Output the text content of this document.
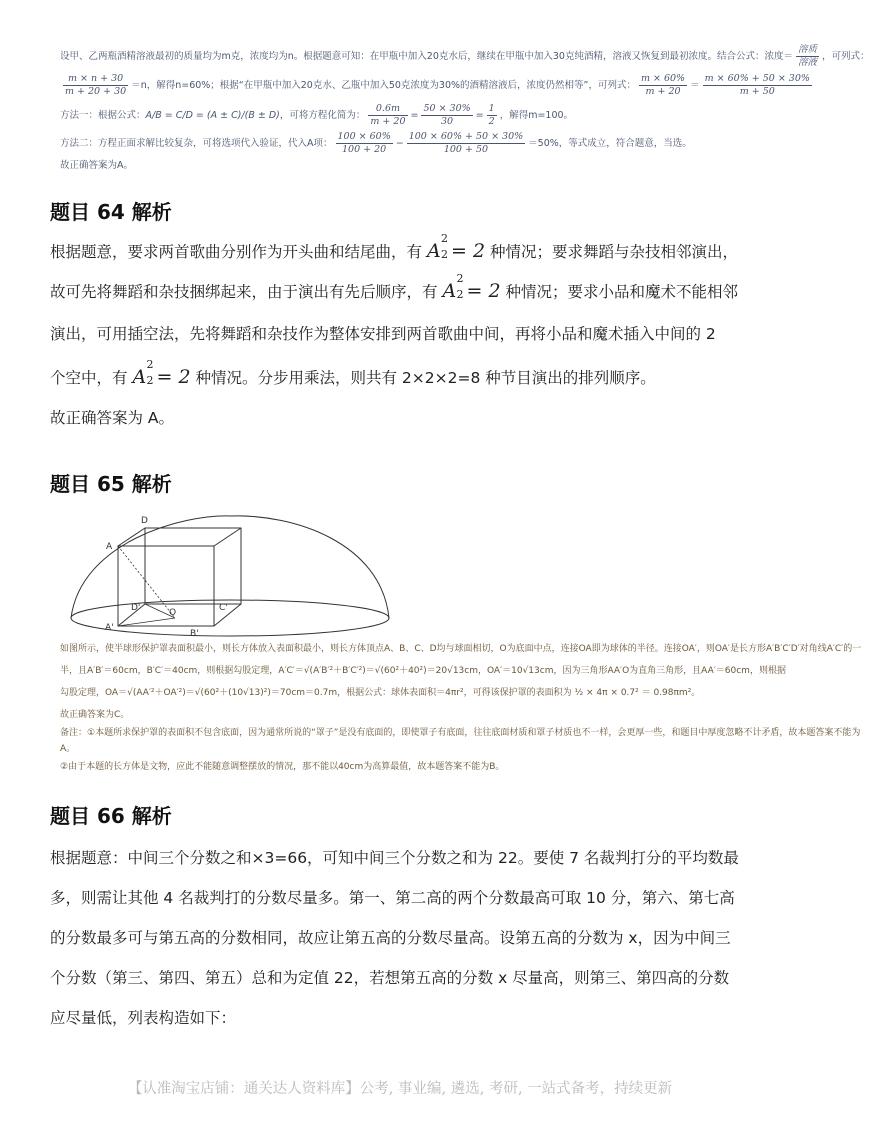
设甲、乙两瓶酒精溶液最初的质量均为m克，浓度均为n。根据题意可知：在甲瓶中加入20克水后，继续在甲瓶中加入30克纯酒精，溶液又恢复到最初浓度。结合公式：浓度＝ $\frac{\text{溶质}}{\text{溶液}}$ ，可列式：
$\frac{m \times n + 30}{m + 20 + 30} =n$，解得n=60%；根据“在甲瓶中加入20克水、乙瓶中加入50克浓度为30%的酒精溶液后，浓度仍然相等”，可列式： $\frac{m \times 60\%}{m + 20} = \frac{m \times 60\% + 50 \times 30\%}{m + 50}$
方法一：根据公式：A/B = C/D = (A ± C)/(B ± D)，可将方程化简为： $\frac{0.6m}{m + 20} = \frac{50 \times 30\%}{30} = \frac{1}{2}$ ，解得m=100。
方法二：方程正面求解比较复杂，可将选项代入验证，代入A项： $\frac{100 \times 60\%}{100 + 20} - \frac{100 \times 60\% + 50 \times 30\%}{100 + 50} =50\%$，等式成立，符合题意，当选。
故正确答案为A。
题目 64 解析
根据题意，要求两首歌曲分别作为开头曲和结尾曲，有 A
2
2 = 2 种情况；要求舞蹈与杂技相邻演出，
故可先将舞蹈和杂技捆绑起来，由于演出有先后顺序，有 A
2
2 = 2 种情况；要求小品和魔术不能相邻
演出，可用插空法，先将舞蹈和杂技作为整体安排到两首歌曲中间，再将小品和魔术插入中间的 2
个空中，有 A
2
2 = 2 种情况。分步用乘法，则共有 2×2×2=8 种节目演出的排列顺序。
故正确答案为 A。
题目 65 解析
D
A
D'
A'
O
B'
C'
如图所示，使半球形保护罩表面积最小，则长方体放入表面积最小，则长方体顶点A、B、C、D均与球面相切，O为底面中点，连接OA即为球体的半径。连接OA′，则OA′是长方形A′B′C′D′对角线A′C′的一
半，且A′B′＝60cm，B′C′＝40cm，则根据勾股定理，A′C′＝√(A′B′²＋B′C′²)＝√(60²＋40²)＝20√13cm，OA′＝10√13cm，因为三角形AA′O为直角三角形，且AA′＝60cm，则根据
勾股定理，OA＝√(AA′²＋OA′²)＝√(60²＋(10√13)²)＝70cm＝0.7m，根据公式：球体表面积＝4πr²，可得该保护罩的表面积为 ½ × 4π × 0.7² ＝ 0.98πm²。
故正确答案为C。
备注：①本题所求保护罩的表面积不包含底面，因为通常所说的“罩子”是没有底面的，即使罩子有底面，往往底面材质和罩子材质也不一样，会更厚一些，和题目中厚度忽略不计矛盾，故本题答案不能为
A。
②由于本题的长方体是文物，应此不能随意调整摆放的情况，那不能以40cm为高算最值，故本题答案不能为B。
题目 66 解析
根据题意：中间三个分数之和×3=66，可知中间三个分数之和为 22。要使 7 名裁判打分的平均数最
多，则需让其他 4 名裁判打的分数尽量多。第一、第二高的两个分数最高可取 10 分，第六、第七高
的分数最多可与第五高的分数相同，故应让第五高的分数尽量高。设第五高的分数为 x，因为中间三
个分数（第三、第四、第五）总和为定值 22，若想第五高的分数 x 尽量高，则第三、第四高的分数
应尽量低，列表构造如下：
【认准淘宝店铺：通关达人资料库】公考, 事业编, 遴选, 考研, 一站式备考，持续更新
